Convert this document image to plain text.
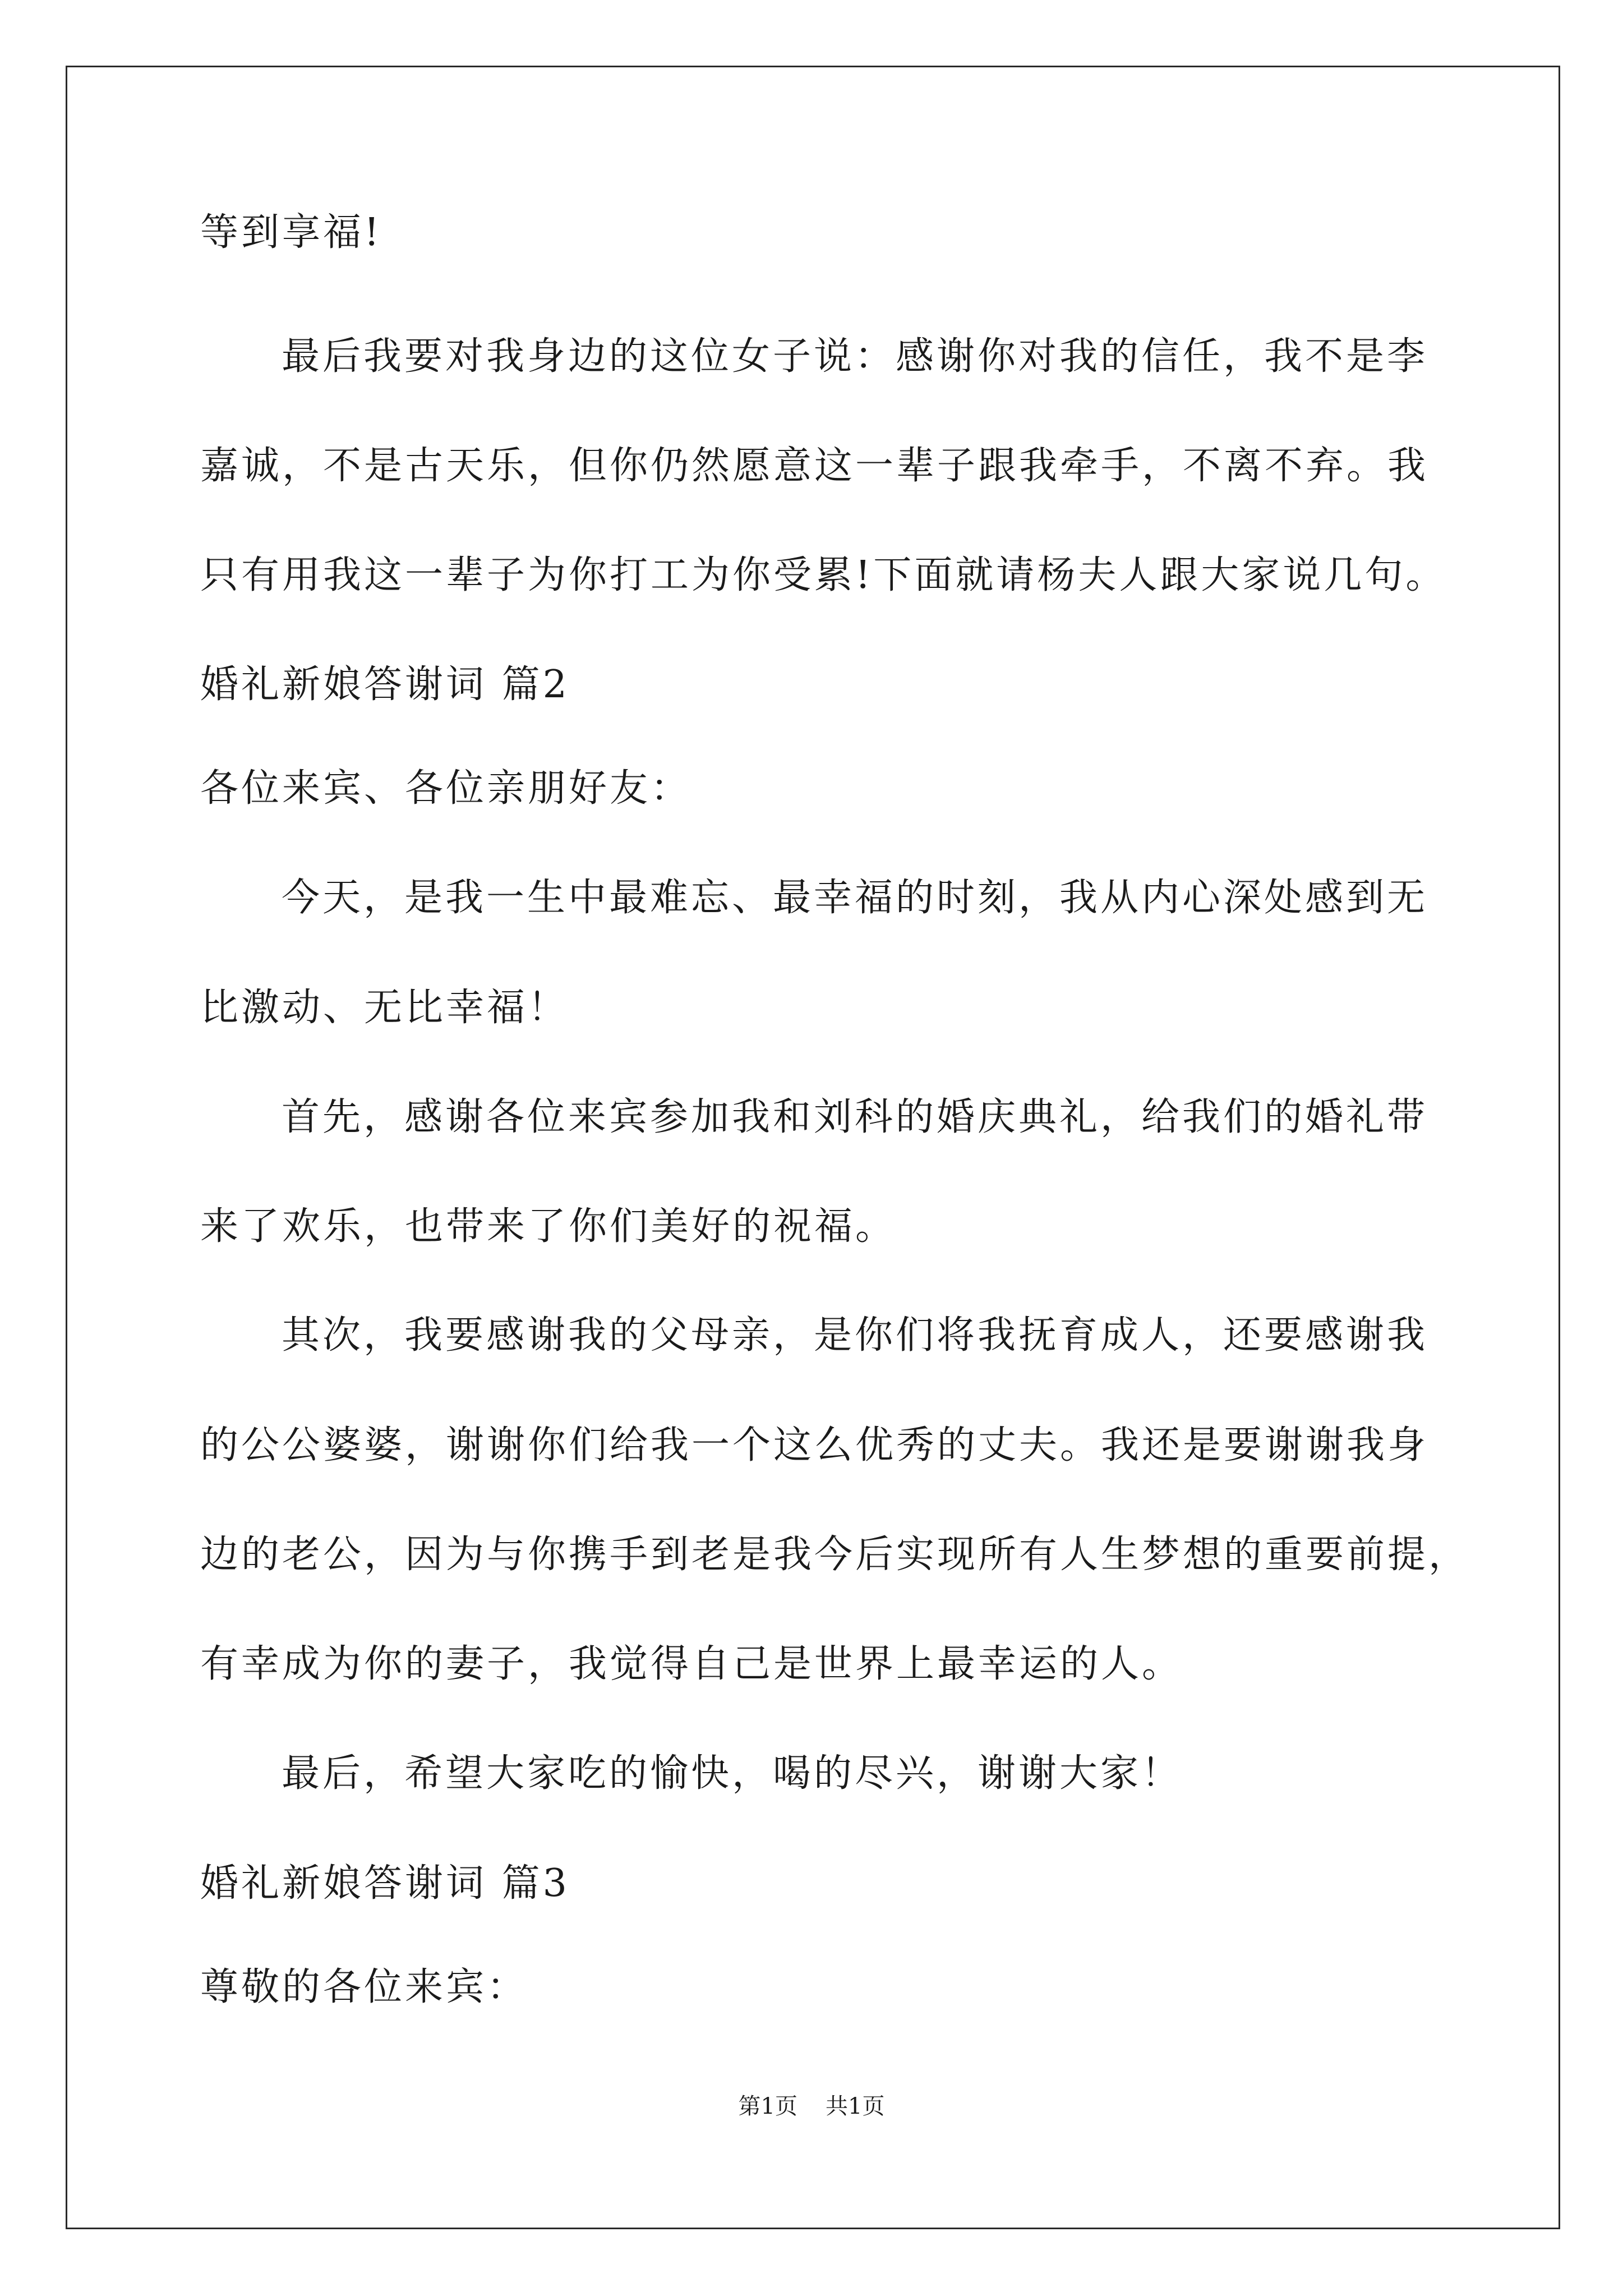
等到享福!
最后我要对我身边的这位女子说：感谢你对我的信任，我不是李
嘉诚，不是古天乐，但你仍然愿意这一辈子跟我牵手，不离不弃。我
只有用我这一辈子为你打工为你受累!下面就请杨夫人跟大家说几句。
婚礼新娘答谢词 篇2
各位来宾、各位亲朋好友：
今天，是我一生中最难忘、最幸福的时刻，我从内心深处感到无
比激动、无比幸福！
首先，感谢各位来宾参加我和刘科的婚庆典礼，给我们的婚礼带
来了欢乐，也带来了你们美好的祝福。
其次，我要感谢我的父母亲，是你们将我抚育成人，还要感谢我
的公公婆婆，谢谢你们给我一个这么优秀的丈夫。我还是要谢谢我身
边的老公，因为与你携手到老是我今后实现所有人生梦想的重要前提，
有幸成为你的妻子，我觉得自己是世界上最幸运的人。
最后，希望大家吃的愉快，喝的尽兴，谢谢大家！
婚礼新娘答谢词 篇3
尊敬的各位来宾：
第1页 共1页
